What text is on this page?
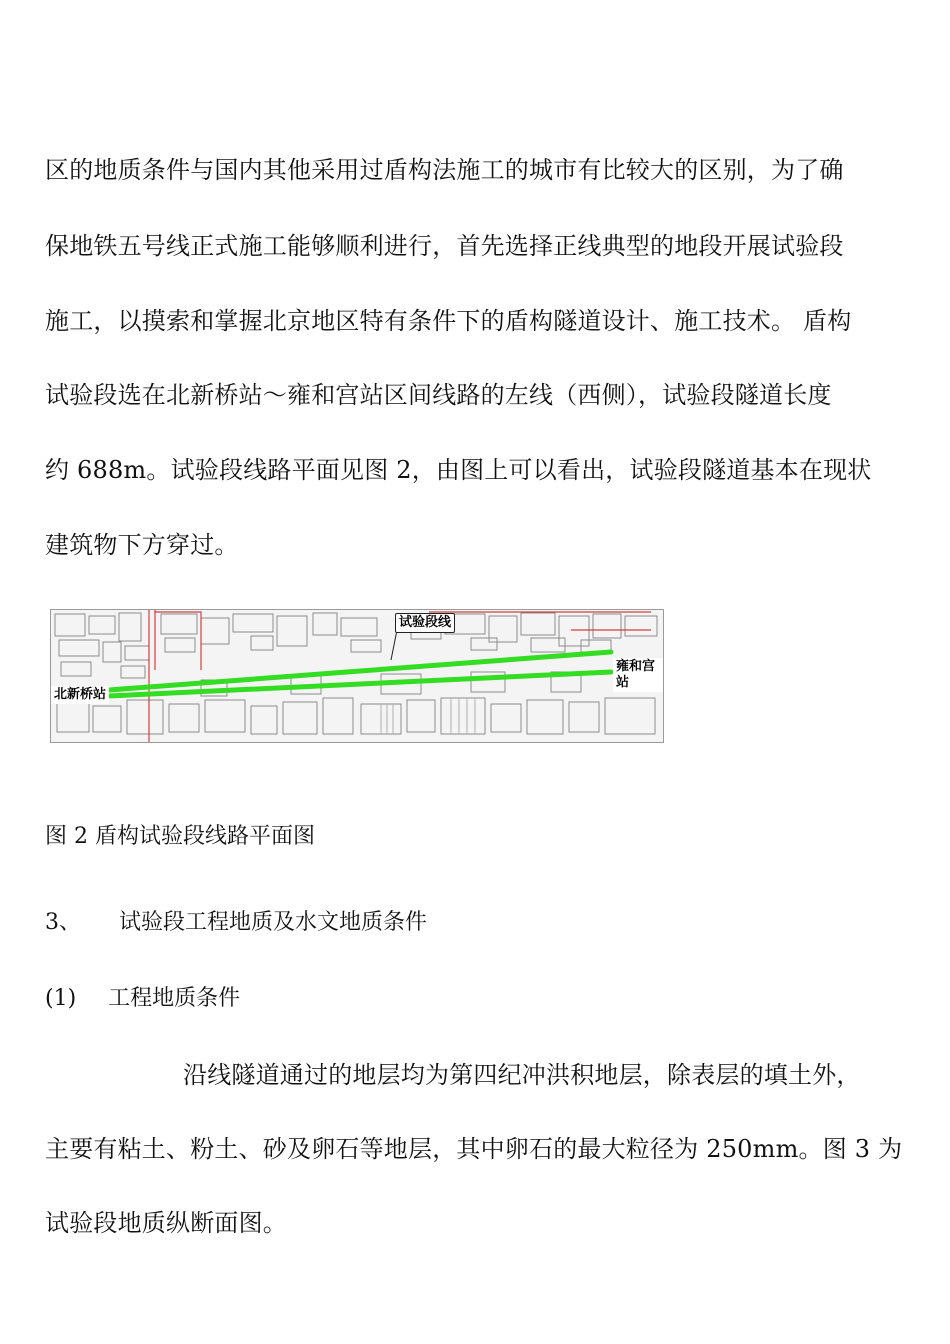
区的地质条件与国内其他采用过盾构法施工的城市有比较大的区别，为了确
保地铁五号线正式施工能够顺利进行，首先选择正线典型的地段开展试验段
施工，以摸索和掌握北京地区特有条件下的盾构隧道设计、施工技术。 盾构
试验段选在北新桥站～雍和宫站区间线路的左线（西侧），试验段隧道长度
约 688m。试验段线路平面见图 2，由图上可以看出，试验段隧道基本在现状
建筑物下方穿过。
试验段线
北新桥站
雍和宫站
图 2 盾构试验段线路平面图
3、 试验段工程地质及水文地质条件
(1) 工程地质条件
沿线隧道通过的地层均为第四纪冲洪积地层，除表层的填土外，
主要有粘土、粉土、砂及卵石等地层，其中卵石的最大粒径为 250mm。图 3 为
试验段地质纵断面图。
